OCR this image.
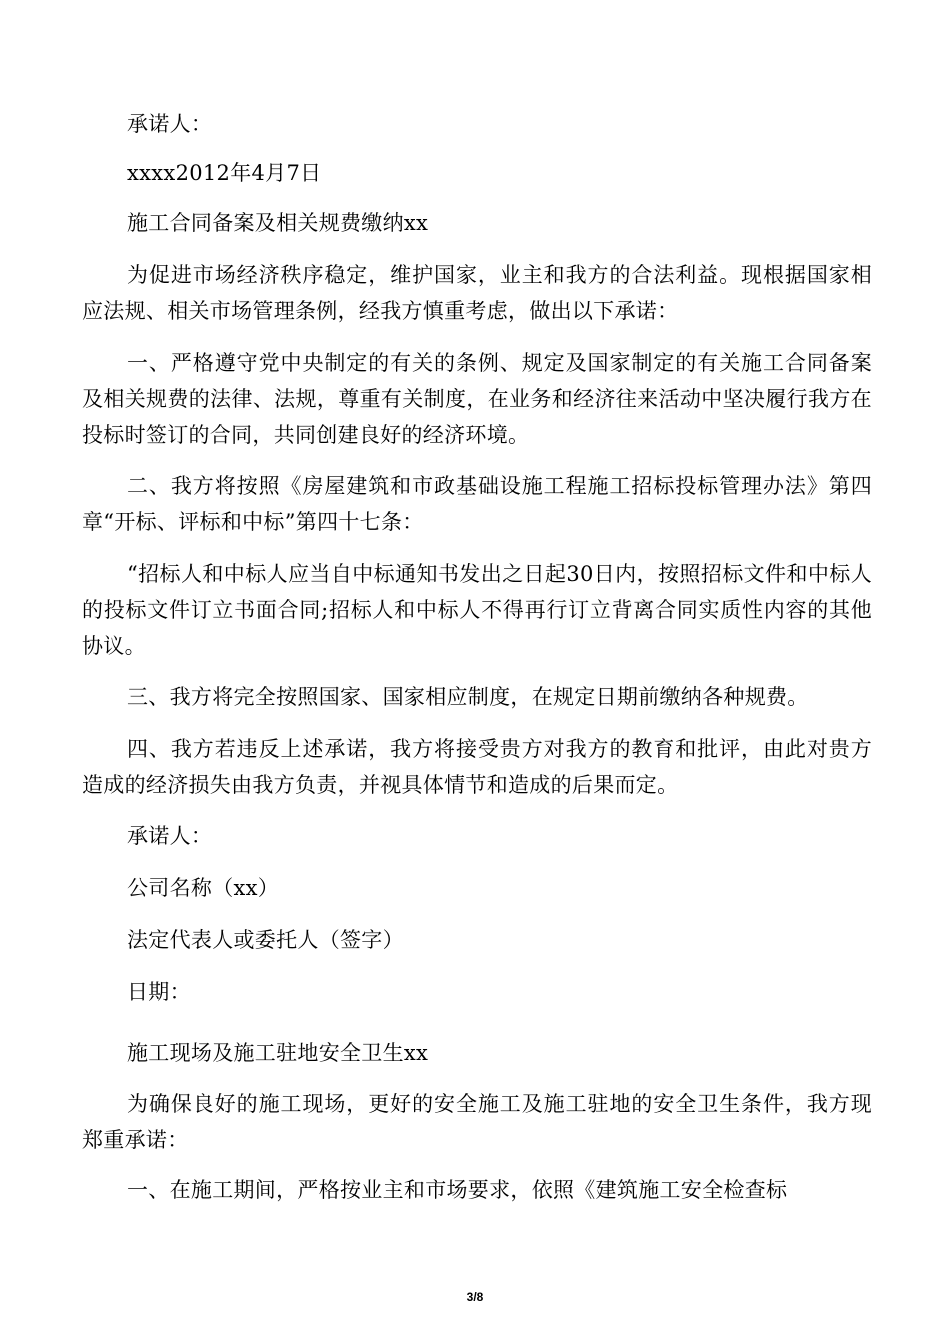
承诺人：

xxxx2012年4月7日

施工合同备案及相关规费缴纳xx

为促进市场经济秩序稳定，维护国家，业主和我方的合法利益。现根据国家相应法规、相关市场管理条例，经我方慎重考虑，做出以下承诺：

一、严格遵守党中央制定的有关的条例、规定及国家制定的有关施工合同备案及相关规费的法律、法规，尊重有关制度，在业务和经济往来活动中坚决履行我方在投标时签订的合同，共同创建良好的经济环境。

二、我方将按照《房屋建筑和市政基础设施工程施工招标投标管理办法》第四章“开标、评标和中标”第四十七条：

“招标人和中标人应当自中标通知书发出之日起30日内，按照招标文件和中标人的投标文件订立书面合同;招标人和中标人不得再行订立背离合同实质性内容的其他协议。

三、我方将完全按照国家、国家相应制度，在规定日期前缴纳各种规费。

四、我方若违反上述承诺，我方将接受贵方对我方的教育和批评，由此对贵方造成的经济损失由我方负责，并视具体情节和造成的后果而定。

承诺人：

公司名称（xx）

法定代表人或委托人（签字）

日期：

施工现场及施工驻地安全卫生xx

为确保良好的施工现场，更好的安全施工及施工驻地的安全卫生条件，我方现郑重承诺：

一、在施工期间，严格按业主和市场要求，依照《建筑施工安全检查标

3/8
